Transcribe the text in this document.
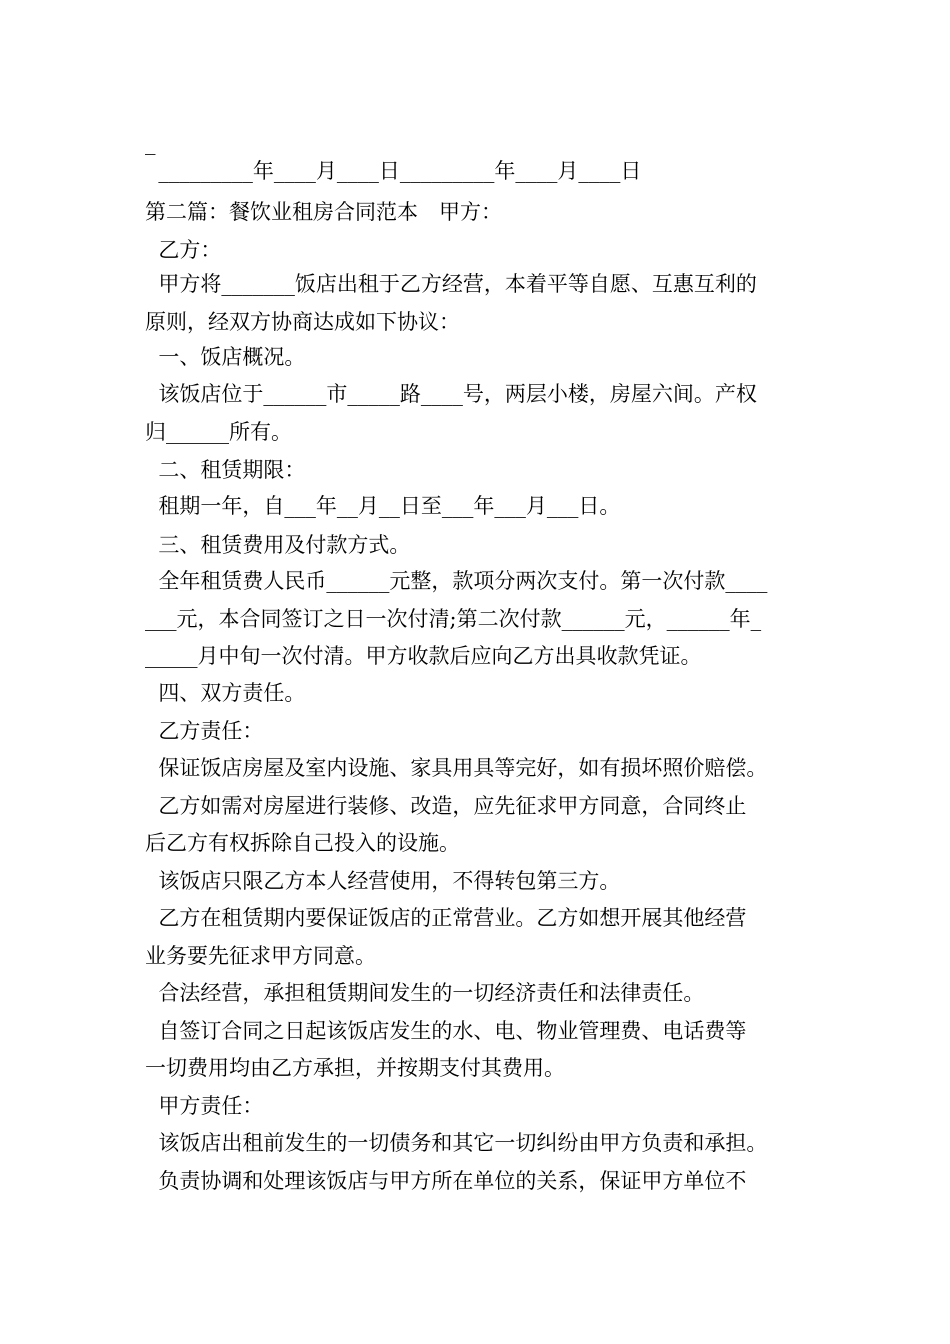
_
_________年____月____日_________年____月____日
第二篇：餐饮业租房合同范本　甲方：
乙方：
甲方将_______饭店出租于乙方经营，本着平等自愿、互惠互利的
原则，经双方协商达成如下协议：
一、饭店概况。
该饭店位于______市_____路____号，两层小楼，房屋六间。产权
归______所有。
二、租赁期限：
租期一年，自___年__月__日至___年___月___日。
三、租赁费用及付款方式。
全年租赁费人民币______元整，款项分两次支付。第一次付款____
___元，本合同签订之日一次付清;第二次付款______元，______年_
_____月中旬一次付清。甲方收款后应向乙方出具收款凭证。
四、双方责任。
乙方责任：
保证饭店房屋及室内设施、家具用具等完好，如有损坏照价赔偿。
乙方如需对房屋进行装修、改造，应先征求甲方同意，合同终止
后乙方有权拆除自己投入的设施。
该饭店只限乙方本人经营使用，不得转包第三方。
乙方在租赁期内要保证饭店的正常营业。乙方如想开展其他经营
业务要先征求甲方同意。
合法经营，承担租赁期间发生的一切经济责任和法律责任。
自签订合同之日起该饭店发生的水、电、物业管理费、电话费等
一切费用均由乙方承担，并按期支付其费用。
甲方责任：
该饭店出租前发生的一切债务和其它一切纠纷由甲方负责和承担。
负责协调和处理该饭店与甲方所在单位的关系，保证甲方单位不
